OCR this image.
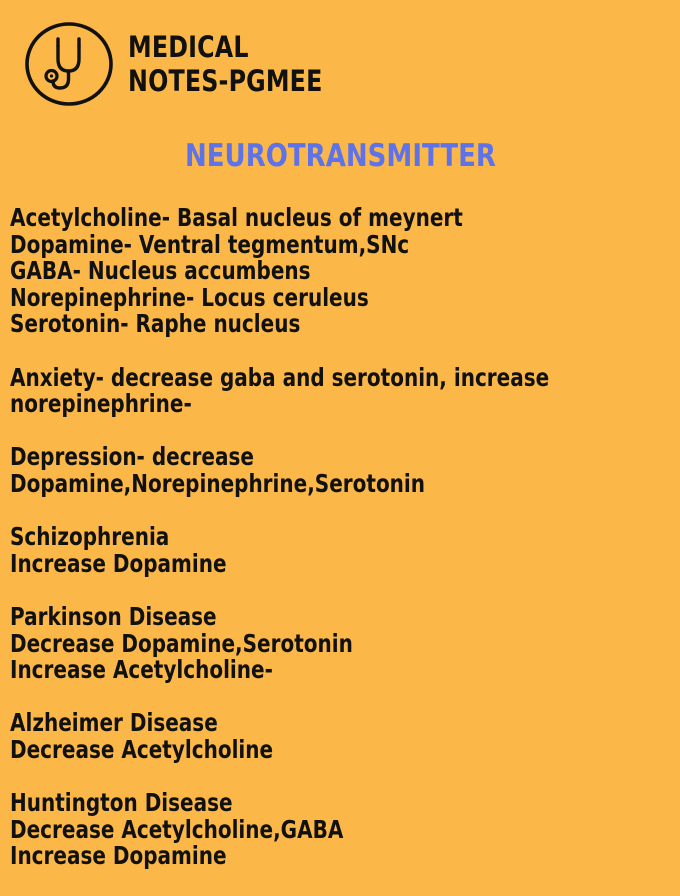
MEDICAL
NOTES-PGMEE
NEUROTRANSMITTER
Acetylcholine- Basal nucleus of meynert
Dopamine- Ventral tegmentum,SNc
GABA- Nucleus accumbens
Norepinephrine- Locus ceruleus
Serotonin- Raphe nucleus
Anxiety- decrease gaba and serotonin, increase
norepinephrine-
Depression- decrease
Dopamine,Norepinephrine,Serotonin
Schizophrenia
Increase Dopamine
Parkinson Disease
Decrease Dopamine,Serotonin
Increase Acetylcholine-
Alzheimer Disease
Decrease Acetylcholine
Huntington Disease
Decrease Acetylcholine,GABA
Increase Dopamine
